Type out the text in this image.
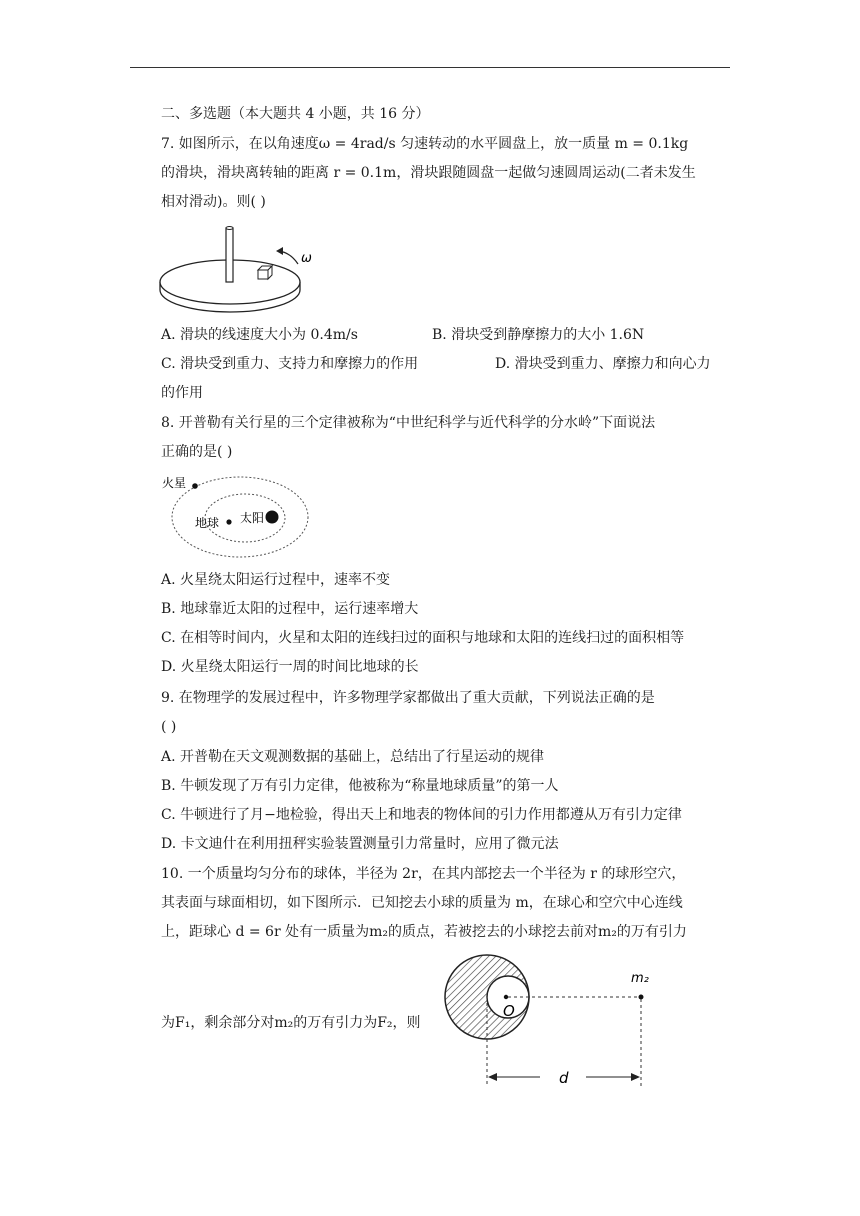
二、多选题（本大题共 4 小题，共 16 分）
7. 如图所示，在以角速度ω = 4rad/s 匀速转动的水平圆盘上，放一质量 m = 0.1kg
的滑块，滑块离转轴的距离 r = 0.1m，滑块跟随圆盘一起做匀速圆周运动(二者未发生
相对滑动)。则( )
ω
A. 滑块的线速度大小为 0.4m/s	B. 滑块受到静摩擦力的大小 1.6N
C. 滑块受到重力、支持力和摩擦力的作用	D. 滑块受到重力、摩擦力和向心力
的作用
8. 开普勒有关行星的三个定律被称为“中世纪科学与近代科学的分水岭”下面说法
正确的是( )
火星
地球 太阳
A. 火星绕太阳运行过程中，速率不变
B. 地球靠近太阳的过程中，运行速率增大
C. 在相等时间内，火星和太阳的连线扫过的面积与地球和太阳的连线扫过的面积相等
D. 火星绕太阳运行一周的时间比地球的长
9. 在物理学的发展过程中，许多物理学家都做出了重大贡献，下列说法正确的是
( )
A. 开普勒在天文观测数据的基础上，总结出了行星运动的规律
B. 牛顿发现了万有引力定律，他被称为“称量地球质量”的第一人
C. 牛顿进行了月−地检验，得出天上和地表的物体间的引力作用都遵从万有引力定律
D. 卡文迪什在利用扭秤实验装置测量引力常量时，应用了微元法
10. 一个质量均匀分布的球体，半径为 2r，在其内部挖去一个半径为 r 的球形空穴，
其表面与球面相切，如下图所示．已知挖去小球的质量为 m，在球心和空穴中心连线
上，距球心 d = 6r 处有一质量为m₂的质点，若被挖去的小球挖去前对m₂的万有引力
为F₁，剩余部分对m₂的万有引力为F₂，则
m₂
O
d
